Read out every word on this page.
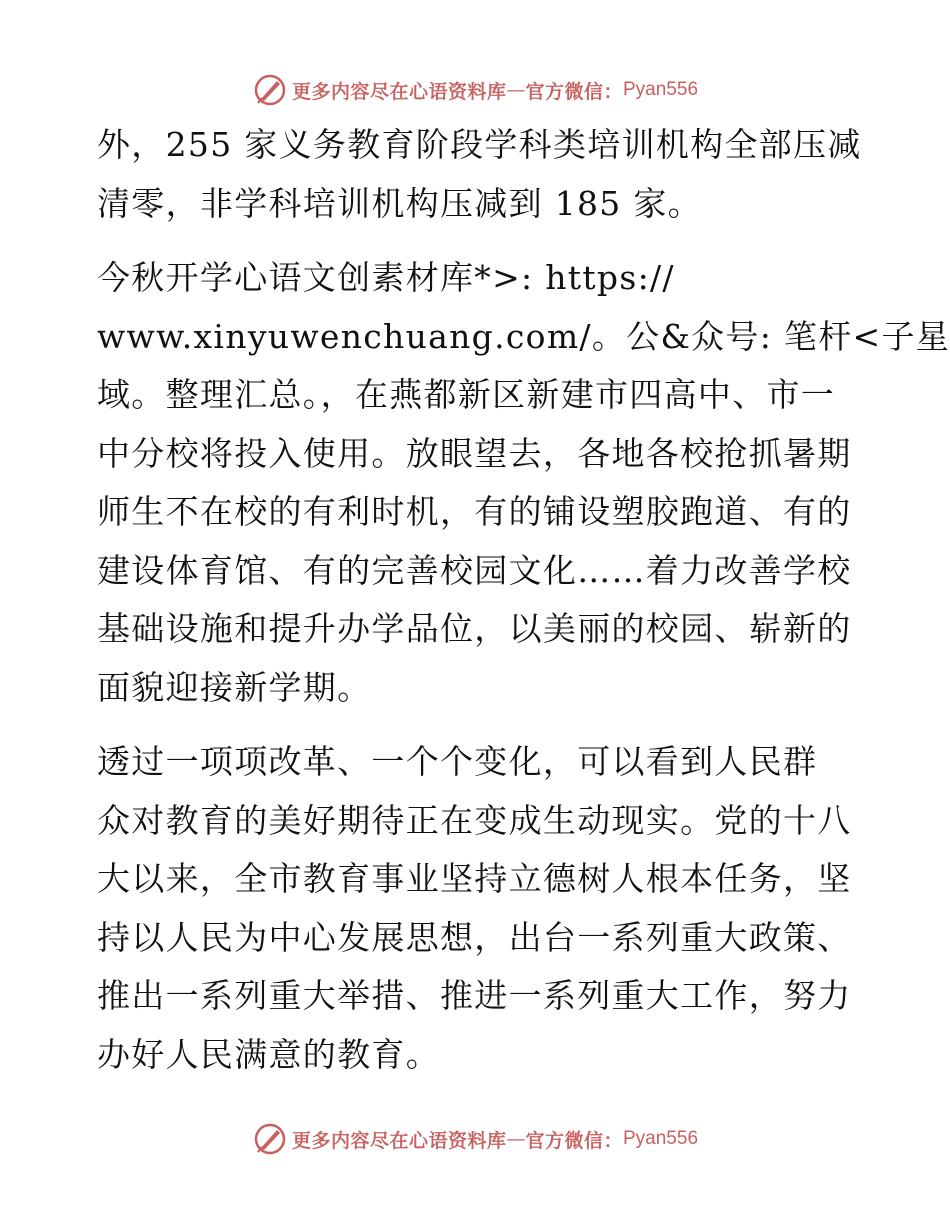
更多内容尽在心语资料库 — 官方微信： Pyan556
外，255 家义务教育阶段学科类培训机构全部压减
清零，非学科培训机构压减到 185 家。
今秋开学心语文创素材库*>: https://
www.xinyuwenchuang.com/。公&众号: 笔杆<子星
域。整理汇总。，在燕都新区新建市四高中、市一
中分校将投入使用。放眼望去，各地各校抢抓暑期
师生不在校的有利时机，有的铺设塑胶跑道、有的
建设体育馆、有的完善校园文化……着力改善学校
基础设施和提升办学品位，以美丽的校园、崭新的
面貌迎接新学期。
透过一项项改革、一个个变化，可以看到人民群
众对教育的美好期待正在变成生动现实。党的十八
大以来，全市教育事业坚持立德树人根本任务，坚
持以人民为中心发展思想，出台一系列重大政策、
推出一系列重大举措、推进一系列重大工作，努力
办好人民满意的教育。
更多内容尽在心语资料库 — 官方微信： Pyan556
